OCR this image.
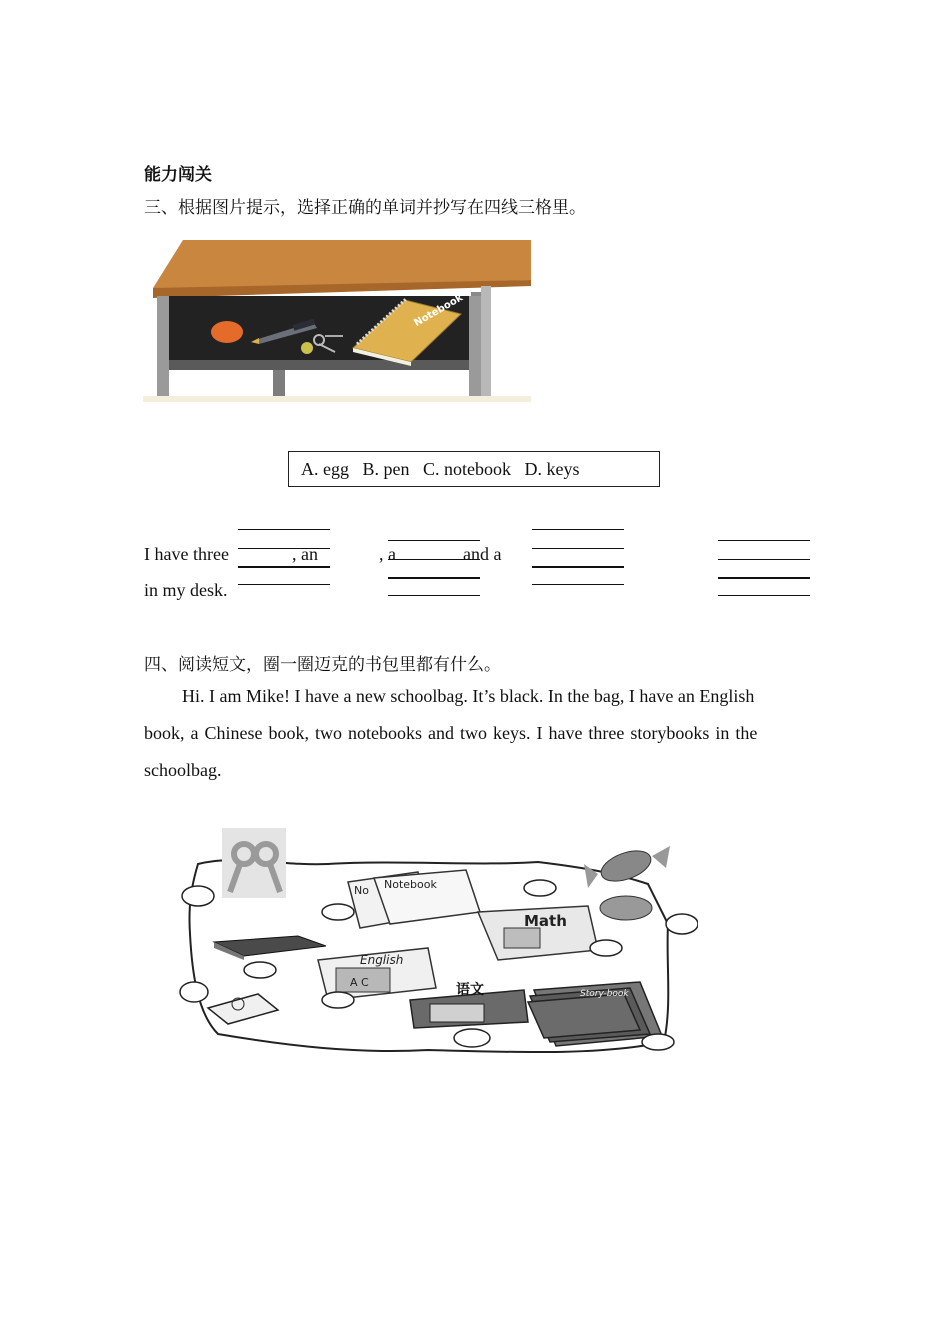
能力闯关
三、根据图片提示，选择正确的单词并抄写在四线三格里。
Notebook
A. egg   B. pen   C. notebook   D. keys
I have three	, an	, a	and a
in my desk.
四、阅读短文，圈一圈迈克的书包里都有什么。
Hi. I am Mike! I have a new schoolbag. It’s black. In the bag, I have an English
book, a Chinese book, two notebooks and two keys. I have three storybooks in the
schoolbag.
No Notebook
Math
English
A C	语文	Story-book
